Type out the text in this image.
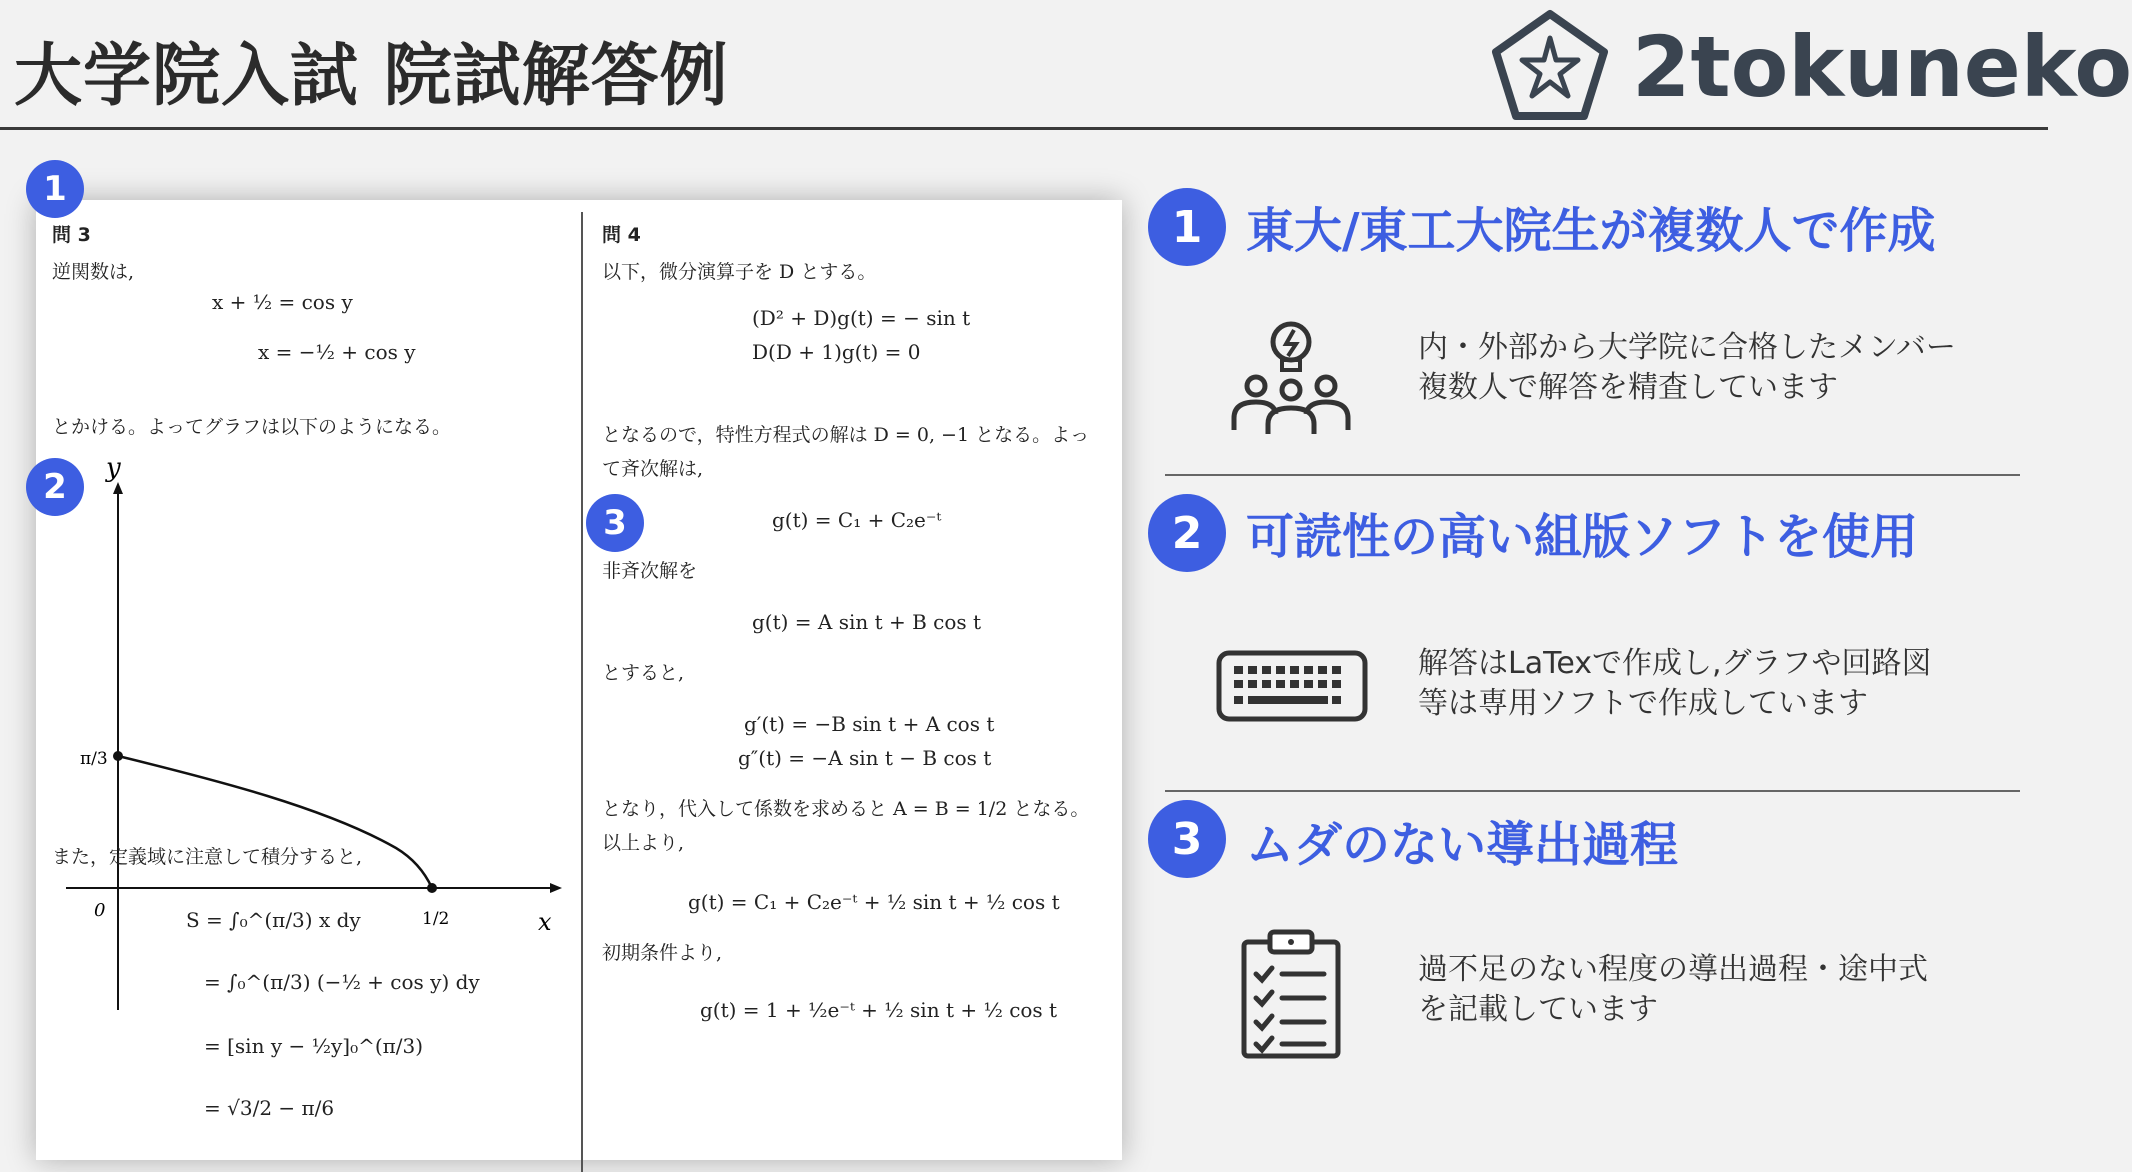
大学院入試 院試解答例	2tokuneko
問 3
逆関数は,
x + ½ = cos y
x = −½ + cos y
とかける。よってグラフは以下のようになる。
y
x
0
π/3
1/2
また，定義域に注意して積分すると,
S = ∫₀^(π/3) x dy
= ∫₀^(π/3) (−½ + cos y) dy
= [sin y − ½y]₀^(π/3)
= √3/2 − π/6
問 4
以下，微分演算子を D とする。
(D² + D)g(t) = − sin t
D(D + 1)g(t) = 0
となるので，特性方程式の解は D = 0, −1 となる。よっ
て斉次解は,
g(t) = C₁ + C₂e⁻ᵗ
非斉次解を
g(t) = A sin t + B cos t
とすると,
g′(t) = −B sin t + A cos t
g″(t) = −A sin t − B cos t
となり，代入して係数を求めると A = B = 1/2 となる。
以上より,
g(t) = C₁ + C₂e⁻ᵗ + ½ sin t + ½ cos t
初期条件より,
g(t) = 1 + ½e⁻ᵗ + ½ sin t + ½ cos t
1
2
3
1 東大/東工大院生が複数人で作成
内・外部から大学院に合格したメンバー
複数人で解答を精査しています
2 可読性の高い組版ソフトを使用
解答はLaTexで作成し,グラフや回路図
等は専用ソフトで作成しています
3 ムダのない導出過程
過不足のない程度の導出過程・途中式
を記載しています
